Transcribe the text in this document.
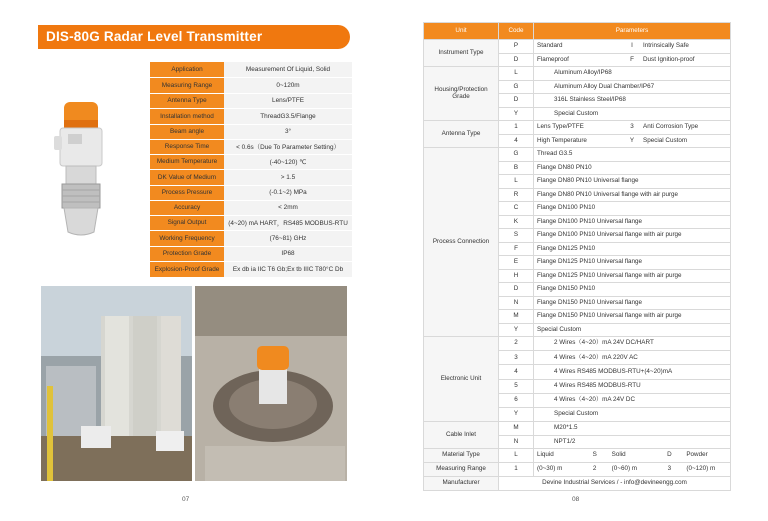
DIS-80G Radar Level Transmitter
Application	Measurement Of Liquid, Solid
Measuring Range	0~120m
Antenna Type	Lens/PTFE
Installation method	ThreadG3.5/Flange
Beam angle	3°
Response Time	< 0.6s（Due To Parameter Setting）
Medium Temperature	(-40~120) ℃
DK Value of Medium	> 1.5
Process Pressure	(-0.1~2) MPa
Accuracy	< 2mm
Signal Output	(4~20) mA HART，RS485 MODBUS-RTU
Working Frequency	(76~81) GHz
Protection Grade	IP68
Explosion-Proof Grade	Ex db ia IIC T6 Gb;Ex tb IIIC T80°C Db
07
Unit	Code	Parameters
Instrument Type	P	Standard I Intrinsically Safe

	D	Flameproof F Dust Ignition-proof

Housing/Protection Grade	L	Aluminum Alloy/IP68
	G	Aluminum Alloy Dual Chamber/IP67
	D	316L Stainless Steel/IP68
	Y	Special Custom
Antenna Type	1	Lens Type/PTFE 3 Anti Corrosion Type

	4	High Temperature Y Special Custom

Process Connection	G	Thread G3.5
	B	Flange DN80 PN10
	L	Flange DN80 PN10 Universal flange
	R	Flange DN80 PN10 Universal flange with air purge
	C	Flange DN100 PN10
	K	Flange DN100 PN10 Universal flange
	S	Flange DN100 PN10 Universal flange with air purge
	F	Flange DN125 PN10
	E	Flange DN125 PN10 Universal flange
	H	Flange DN125 PN10 Universal flange with air purge
	D	Flange DN150 PN10
	N	Flange DN150 PN10 Universal flange
	M	Flange DN150 PN10 Universal flange with air purge
	Y	Special Custom
Electronic Unit	2	2 Wires（4~20）mA 24V DC/HART
	3	4 Wires（4~20）mA 220V AC
	4	4 Wires RS485 MODBUS-RTU+(4~20)mA
	5	4 Wires RS485 MODBUS-RTU
	6	4 Wires（4~20）mA 24V DC
	Y	Special Custom
Cable Inlet	M	M20*1.5
	N	NPT1/2
Material Type	L	Liquid S Solid D Powder

Measuring Range	1	(0~30) m 2 (0~60) m 3 (0~120) m

Manufacturer	Devine Industrial Services / - info@devineengg.com	
08
